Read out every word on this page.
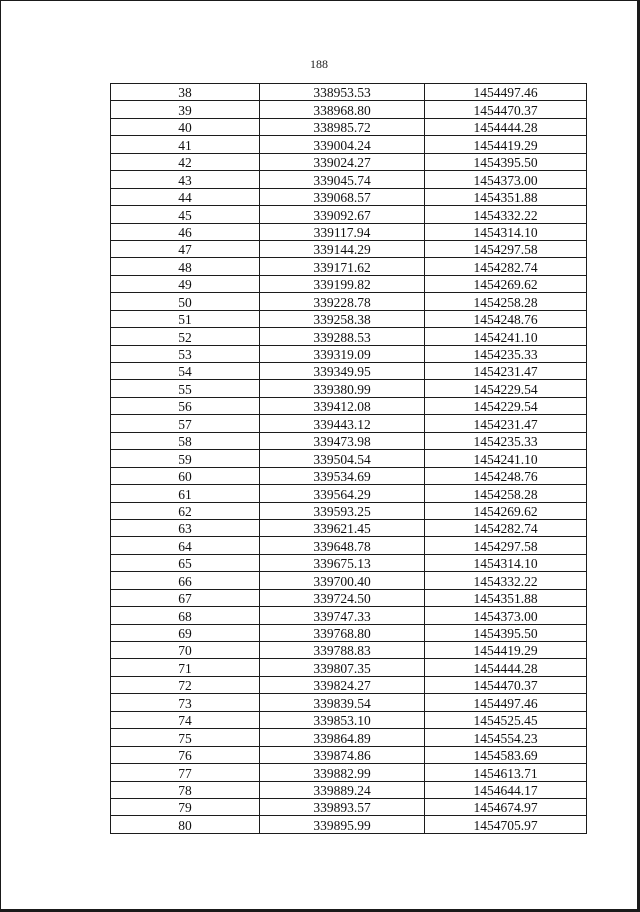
188
38	338953.53	1454497.46
39	338968.80	1454470.37
40	338985.72	1454444.28
41	339004.24	1454419.29
42	339024.27	1454395.50
43	339045.74	1454373.00
44	339068.57	1454351.88
45	339092.67	1454332.22
46	339117.94	1454314.10
47	339144.29	1454297.58
48	339171.62	1454282.74
49	339199.82	1454269.62
50	339228.78	1454258.28
51	339258.38	1454248.76
52	339288.53	1454241.10
53	339319.09	1454235.33
54	339349.95	1454231.47
55	339380.99	1454229.54
56	339412.08	1454229.54
57	339443.12	1454231.47
58	339473.98	1454235.33
59	339504.54	1454241.10
60	339534.69	1454248.76
61	339564.29	1454258.28
62	339593.25	1454269.62
63	339621.45	1454282.74
64	339648.78	1454297.58
65	339675.13	1454314.10
66	339700.40	1454332.22
67	339724.50	1454351.88
68	339747.33	1454373.00
69	339768.80	1454395.50
70	339788.83	1454419.29
71	339807.35	1454444.28
72	339824.27	1454470.37
73	339839.54	1454497.46
74	339853.10	1454525.45
75	339864.89	1454554.23
76	339874.86	1454583.69
77	339882.99	1454613.71
78	339889.24	1454644.17
79	339893.57	1454674.97
80	339895.99	1454705.97
